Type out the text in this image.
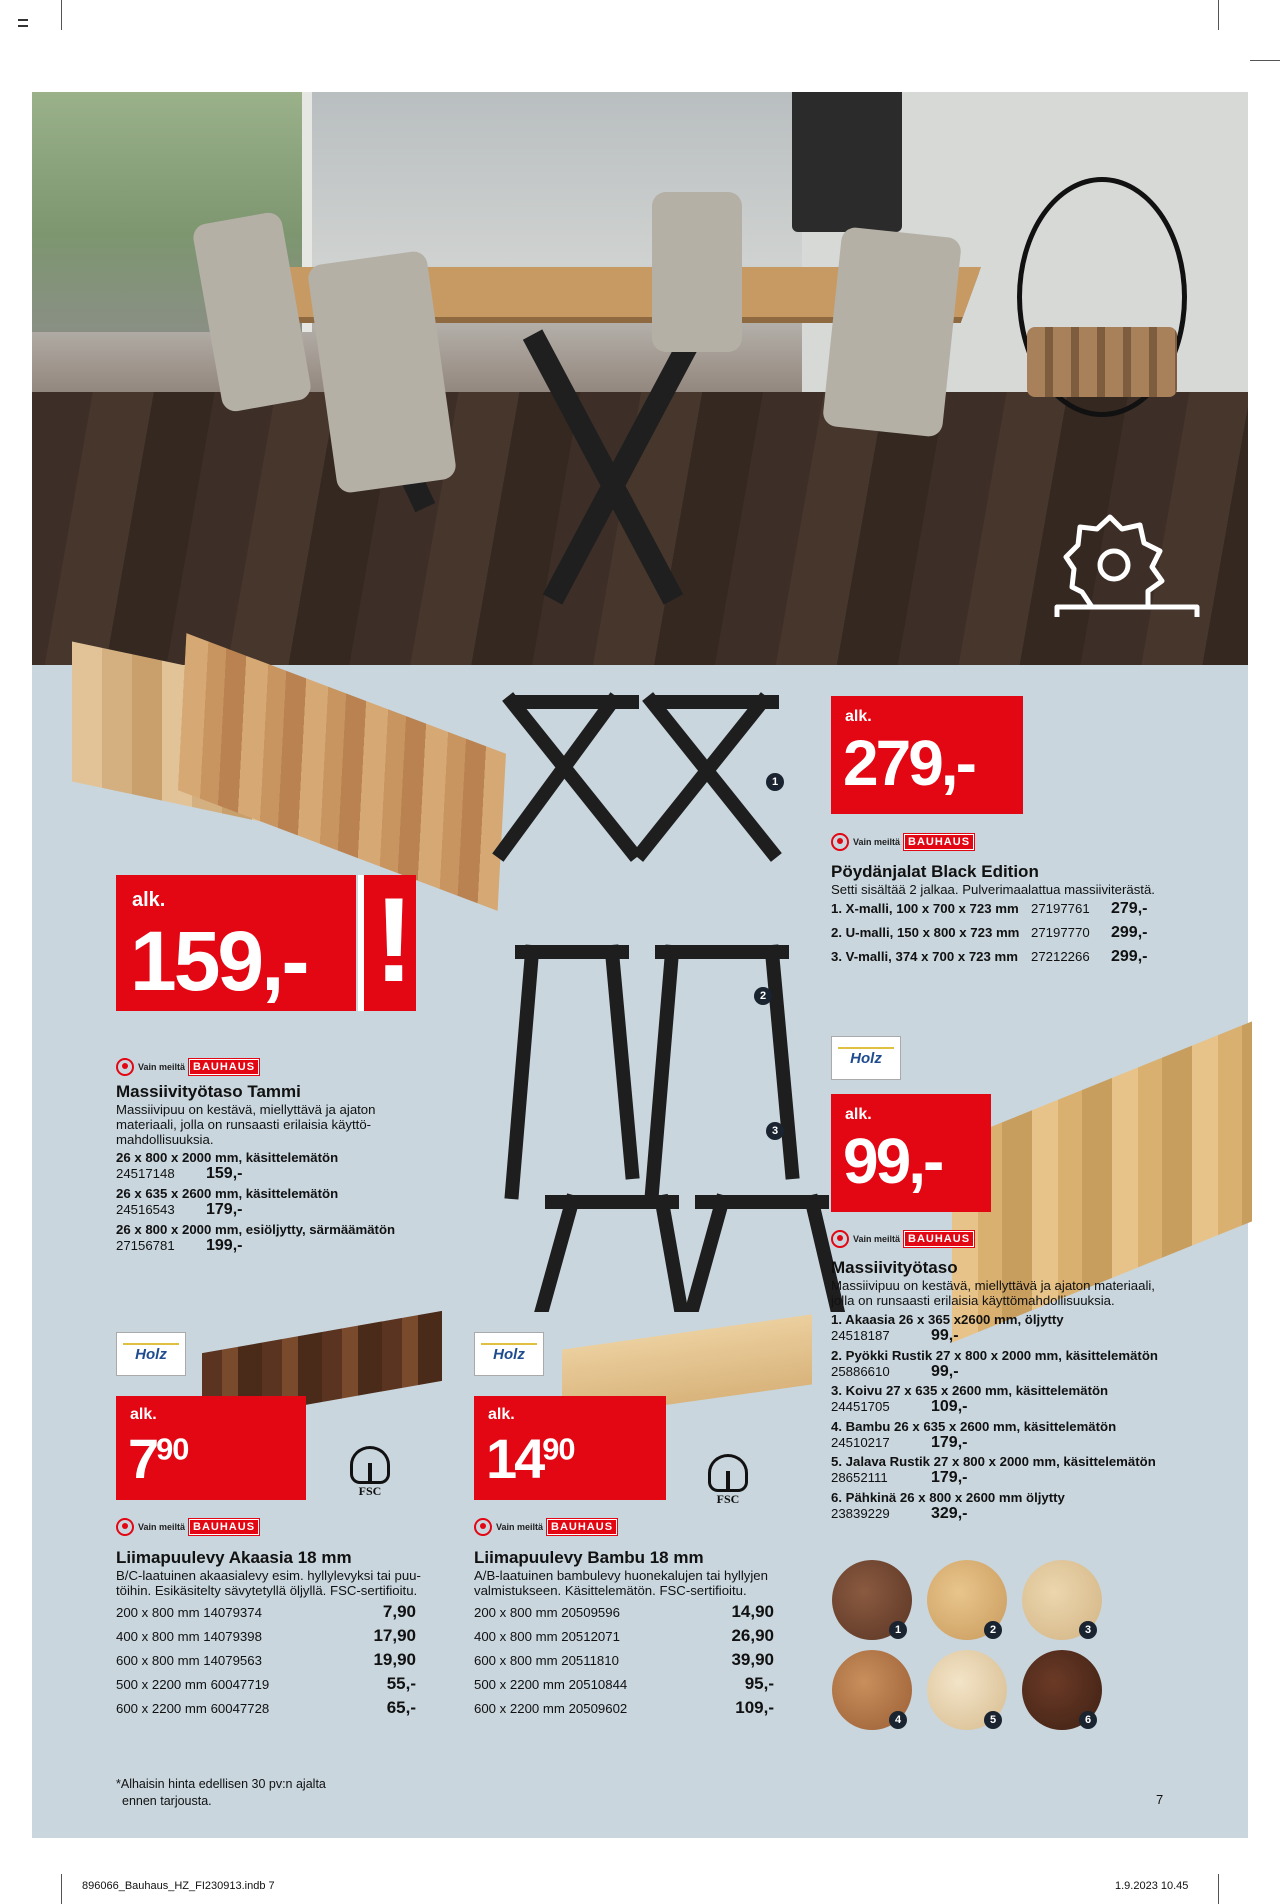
alk.
159,- !
Vain meiltä BAUHAUS
Massiivityötaso Tammi
Massiivipuu on kestävä, miellyttävä ja ajaton
materiaali, jolla on runsaasti erilaisia käyttö-
mahdollisuuksia.
26 x 800 x 2000 mm, käsittelemätön
24517148 159,-
26 x 635 x 2600 mm, käsittelemätön
24516543 179,-
26 x 800 x 2000 mm, esiöljytty, särmäämätön
27156781 199,-
1
2
3
alk.
279,-
Vain meiltä BAUHAUS
Pöydänjalat Black Edition
Setti sisältää 2 jalkaa. Pulverimaalattua massiiviterästä.
1. X-malli, 100 x 700 x 723 mm 27197761	279,-
2. U-malli, 150 x 800 x 723 mm 27197770	299,-
3. V-malli, 374 x 700 x 723 mm 27212266	299,-
Holz
alk.
99,-
Vain meiltä BAUHAUS
Massiivityötaso
Massiivipuu on kestävä, miellyttävä ja ajaton materiaali,
jolla on runsaasti erilaisia käyttömahdollisuuksia.
1. Akaasia 26 x 365 x2600 mm, öljytty
24518187	99,-
2. Pyökki Rustik 27 x 800 x 2000 mm, käsittelemätön
25886610	99,-
3. Koivu 27 x 635 x 2600 mm, käsittelemätön
24451705	109,-
4. Bambu 26 x 635 x 2600 mm, käsittelemätön
24510217	179,-
5. Jalava Rustik 27 x 800 x 2000 mm, käsittelemätön
28652111	179,-
6. Pähkinä 26 x 800 x 2600 mm öljytty
23839229	329,-
1	2	3
4	5	6
Holz
alk.
$7^{90}$
FSC
Vain meiltä BAUHAUS
Liimapuulevy Akaasia 18 mm
B/C-laatuinen akaasialevy esim. hyllylevyksi tai puu-
töihin. Esikäsitelty sävytetyllä öljyllä. FSC-sertifioitu.
200 x 800 mm 14079374	7,90
400 x 800 mm 14079398	17,90
600 x 800 mm 14079563	19,90
500 x 2200 mm 60047719	55,-
600 x 2200 mm 60047728	65,-
Holz
alk.
$14^{90}$
FSC
Vain meiltä BAUHAUS
Liimapuulevy Bambu 18 mm
A/B-laatuinen bambulevy huonekalujen tai hyllyjen
valmistukseen. Käsittelemätön. FSC-sertifioitu.
200 x 800 mm 20509596	14,90
400 x 800 mm 20512071	26,90
600 x 800 mm 20511810	39,90
500 x 2200 mm 20510844	95,-
600 x 2200 mm 20509602	109,-
*Alhaisin hinta edellisen 30 pv:n ajalta
ennen tarjousta.	7
896066_Bauhaus_HZ_FI230913.indb 7	1.9.2023 10.45
